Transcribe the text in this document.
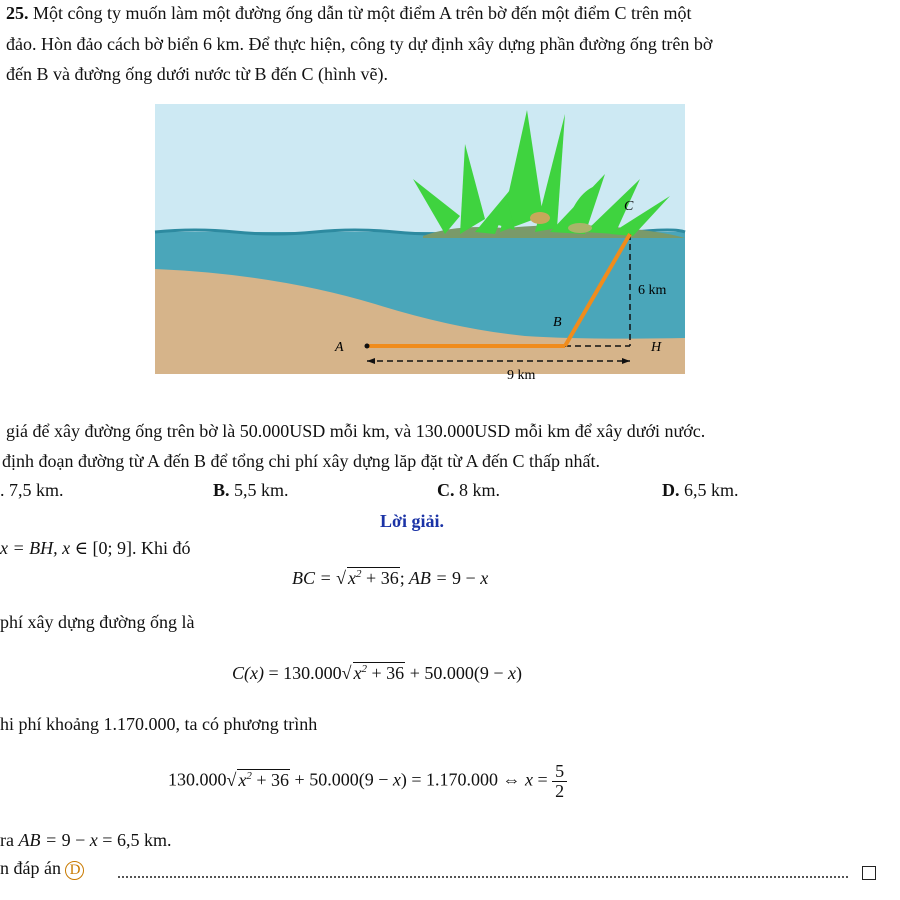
25. Một công ty muốn làm một đường ống dẫn từ một điểm A trên bờ đến một điểm C trên một
đảo. Hòn đảo cách bờ biển 6 km. Để thực hiện, công ty dự định xây dựng phần đường ống trên bờ
đến B và đường ống dưới nước từ B đến C (hình vẽ).
A
B
C
H
6 km
9 km
giá để xây đường ống trên bờ là 50.000USD mỗi km, và 130.000USD mỗi km để xây dưới nước.
định đoạn đường từ A đến B để tổng chi phí xây dựng lăp đặt từ A đến C thấp nhất.
. 7,5 km.	B. 5,5 km.	C. 8 km.	D. 6,5 km.
Lời giải.
x = BH, x ∈ [0; 9]. Khi đó
BC = √ $x^2 + 36$; AB = 9 − x
phí xây dựng đường ống là
C(x) = 130.000√ $x^2 + 36 + 50.000(9 - x)$
hi phí khoảng 1.170.000, ta có phương trình
130.000√ $x^2 + 36 + 50.000(9 - x) = 1.170.000$ ⇔ $x = \frac{5}{2}$
ra AB = 9 − x = 6,5 km.
n đáp án D
